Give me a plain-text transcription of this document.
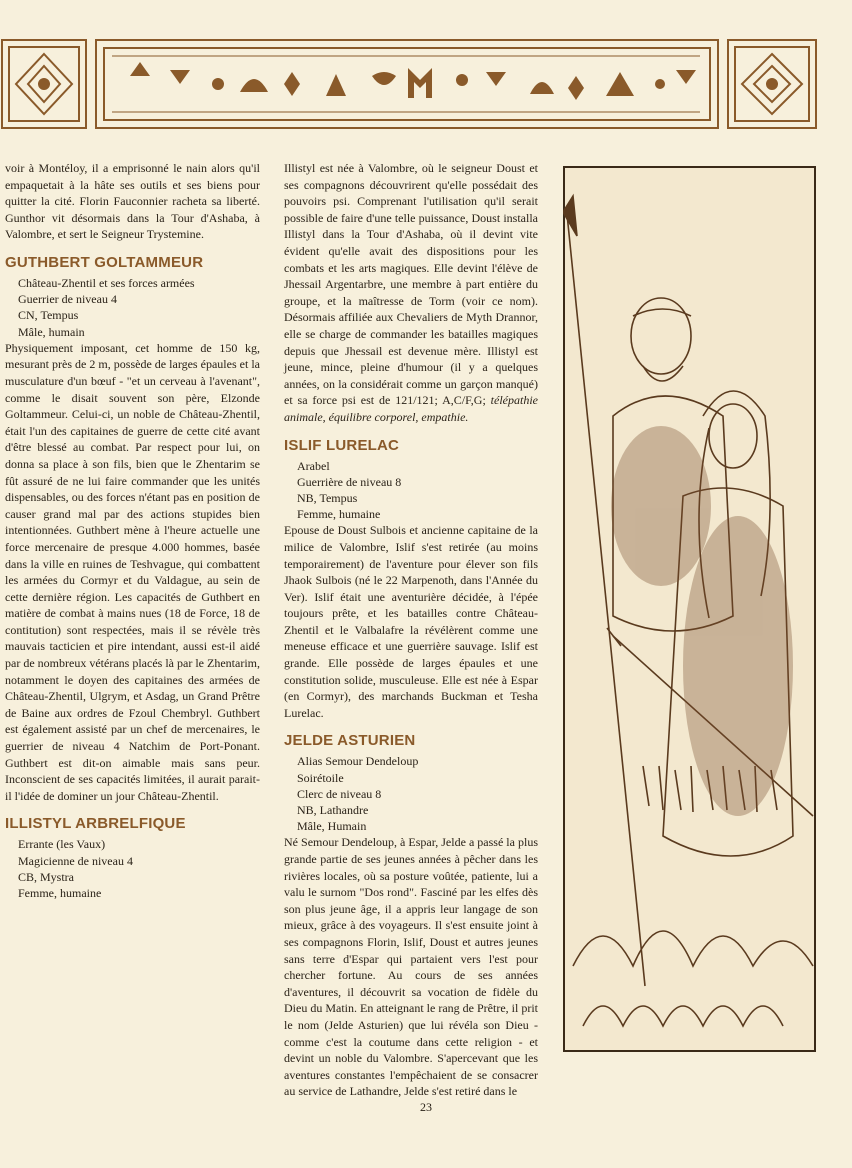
voir à Montéloy, il a emprisonné le nain alors qu'il empaquetait à la hâte ses outils et ses biens pour quitter la cité. Florin Fauconnier racheta sa liberté. Gunthor vit désormais dans la Tour d'Ashaba, à Valombre, et sert le Seigneur Trystemine.

GUTHBERT GOLTAMMEUR
Château-Zhentil et ses forces armées
Guerrier de niveau 4
CN, Tempus
Mâle, humain

Physiquement imposant, cet homme de 150 kg, mesurant près de 2 m, possède de larges épaules et la musculature d'un bœuf - "et un cerveau à l'avenant", comme le disait souvent son père, Elzonde Goltammeur. Celui-ci, un noble de Château-Zhentil, était l'un des capitaines de guerre de cette cité avant d'être blessé au combat. Par respect pour lui, on donna sa place à son fils, bien que le Zhentarim se fût assuré de ne lui faire commander que les unités dispensables, ou des forces n'étant pas en position de causer grand mal par des actions stupides bien intentionnées. Guthbert mène à l'heure actuelle une force mercenaire de presque 4.000 hommes, basée dans la ville en ruines de Teshvague, qui combattent les armées du Cormyr et du Valdague, au sein de cette dernière région. Les capacités de Guthbert en matière de combat à mains nues (18 de Force, 18 de contitution) sont respectées, mais il se révèle très mauvais tacticien et pire intendant, aussi est-il aidé par de nombreux vétérans placés là par le Zhentarim, notamment le doyen des capitaines des armées de Château-Zhentil, Ulgrym, et Asdag, un Grand Prêtre de Baine aux ordres de Fzoul Chembryl. Guthbert est également assisté par un chef de mercenaires, le guerrier de niveau 4 Natchim de Port-Ponant. Guthbert est dit-on aimable mais sans peur. Inconscient de ses capacités limitées, il aurait parait-il l'idée de dominer un jour Château-Zhentil.

ILLISTYL ARBRELFIQUE
Errante (les Vaux)
Magicienne de niveau 4
CB, Mystra
Femme, humaine

Illistyl est née à Valombre, où le seigneur Doust et ses compagnons découvrirent qu'elle possédait des pouvoirs psi. Comprenant l'utilisation qu'il serait possible de faire d'une telle puissance, Doust installa Illistyl dans la Tour d'Ashaba, où il devint vite évident qu'elle avait des dispositions pour les combats et les arts magiques. Elle devint l'élève de Jhessail Argentarbre, une membre à part entière du groupe, et la maîtresse de Torm (voir ce nom). Désormais affiliée aux Chevaliers de Myth Drannor, elle se charge de commander les batailles magiques depuis que Jhessail est devenue mère. Illistyl est jeune, mince, pleine d'humour (il y a quelques années, on la considérait comme un garçon manqué) et sa force psi est de 121/121; A,C/F,G; télépathie animale, équilibre corporel, empathie.

ISLIF LURELAC
Arabel
Guerrière de niveau 8
NB, Tempus
Femme, humaine

Epouse de Doust Sulbois et ancienne capitaine de la milice de Valombre, Islif s'est retirée (au moins temporairement) de l'aventure pour élever son fils Jhaok Sulbois (né le 22 Marpenoth, dans l'Année du Ver). Islif était une aventurière décidée, à l'épée toujours prête, et les batailles contre Château-Zhentil et le Valbalafre la révélèrent comme une meneuse efficace et une guerrière sauvage. Islif est grande. Elle possède de larges épaules et une constitution solide, musculeuse. Elle est née à Espar (en Cormyr), des marchands Buckman et Tesha Lurelac.

JELDE ASTURIEN
Alias Semour Dendeloup
Soirétoile
Clerc de niveau 8
NB, Lathandre
Mâle, Humain

Né Semour Dendeloup, à Espar, Jelde a passé la plus grande partie de ses jeunes années à pêcher dans les rivières locales, où sa posture voûtée, patiente, lui a valu le surnom "Dos rond". Fasciné par les elfes dès son plus jeune âge, il a appris leur langage de son mieux, grâce à des voyageurs. Il s'est ensuite joint à ses compagnons Florin, Islif, Doust et autres jeunes sans terre d'Espar qui partaient vers l'est pour chercher fortune. Au cours de ses années d'aventures, il découvrit sa vocation de fidèle du Dieu du Matin. En atteignant le rang de Prêtre, il prit le nom (Jelde Asturien) que lui révéla son Dieu - comme c'est la coutume dans cette religion - et devint un noble du Valombre. S'apercevant que les aventures constantes l'empêchaient de se consacrer au service de Lathandre, Jelde s'est retiré dans le

23
